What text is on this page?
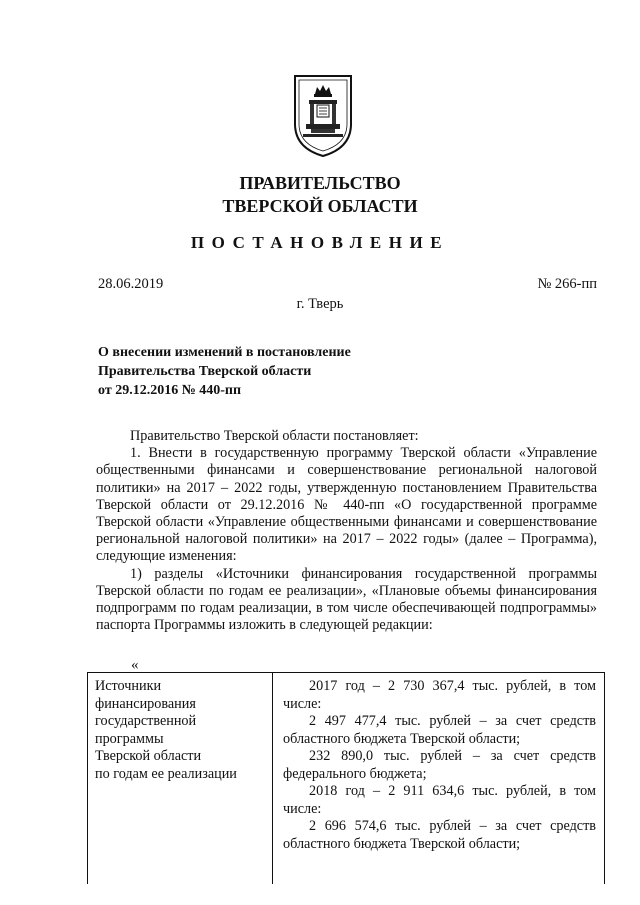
ПРАВИТЕЛЬСТВО
ТВЕРСКОЙ ОБЛАСТИ
ПОСТАНОВЛЕНИЕ
28.06.2019	№ 266-пп
г. Тверь
О внесении изменений в постановление
Правительства Тверской области
от 29.12.2016 № 440-пп

Правительство Тверской области постановляет:

1. Внести в государственную программу Тверской области «Управление общественными финансами и совершенствование региональной налоговой политики» на 2017 – 2022 годы, утвержденную постановлением Правительства Тверской области от 29.12.2016 № 440-пп «О государственной программе Тверской области «Управление общественными финансами и совершенствование региональной налоговой политики» на 2017 – 2022 годы» (далее – Программа), следующие изменения:

1) разделы «Источники финансирования государственной программы Тверской области по годам ее реализации», «Плановые объемы финансирования подпрограмм по годам реализации, в том числе обеспечивающей подпрограммы» паспорта Программы изложить в следующей редакции:

«
Источники
финансирования
государственной
программы
Тверской области
по годам ее реализации

2017 год – 2 730 367,4 тыс. рублей, в том числе:

2 497 477,4 тыс. рублей – за счет средств областного бюджета Тверской области;

232 890,0 тыс. рублей – за счет средств федерального бюджета;

2018 год – 2 911 634,6 тыс. рублей, в том числе:

2 696 574,6 тыс. рублей – за счет средств областного бюджета Тверской области;
